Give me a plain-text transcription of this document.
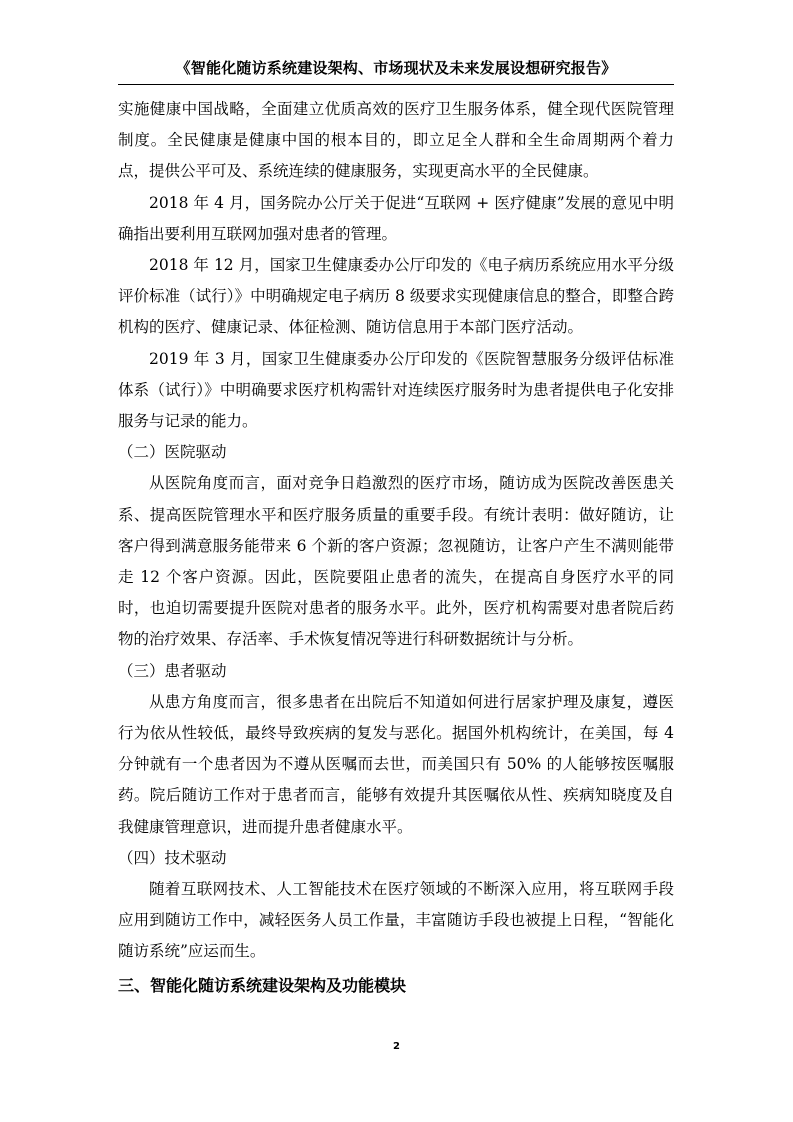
《智能化随访系统建设架构、市场现状及未来发展设想研究报告》

实施健康中国战略，全面建立优质高效的医疗卫生服务体系，健全现代医院管理制度。全民健康是健康中国的根本目的，即立足全人群和全生命周期两个着力点，提供公平可及、系统连续的健康服务，实现更高水平的全民健康。

2018 年 4 月，国务院办公厅关于促进“互联网 + 医疗健康”发展的意见中明确指出要利用互联网加强对患者的管理。

2018 年 12 月，国家卫生健康委办公厅印发的《电子病历系统应用水平分级评价标准（试行）》中明确规定电子病历 8 级要求实现健康信息的整合，即整合跨机构的医疗、健康记录、体征检测、随访信息用于本部门医疗活动。

2019 年 3 月，国家卫生健康委办公厅印发的《医院智慧服务分级评估标准体系（试行）》中明确要求医疗机构需针对连续医疗服务时为患者提供电子化安排服务与记录的能力。

（二）医院驱动

从医院角度而言，面对竞争日趋激烈的医疗市场，随访成为医院改善医患关系、提高医院管理水平和医疗服务质量的重要手段。有统计表明：做好随访，让客户得到满意服务能带来 6 个新的客户资源；忽视随访，让客户产生不满则能带走 12 个客户资源。因此，医院要阻止患者的流失，在提高自身医疗水平的同时，也迫切需要提升医院对患者的服务水平。此外，医疗机构需要对患者院后药物的治疗效果、存活率、手术恢复情况等进行科研数据统计与分析。

（三）患者驱动

从患方角度而言，很多患者在出院后不知道如何进行居家护理及康复，遵医行为依从性较低，最终导致疾病的复发与恶化。据国外机构统计，在美国，每 4 分钟就有一个患者因为不遵从医嘱而去世，而美国只有 50% 的人能够按医嘱服药。院后随访工作对于患者而言，能够有效提升其医嘱依从性、疾病知晓度及自我健康管理意识，进而提升患者健康水平。

（四）技术驱动

随着互联网技术、人工智能技术在医疗领域的不断深入应用，将互联网手段应用到随访工作中，减轻医务人员工作量，丰富随访手段也被提上日程，“智能化随访系统”应运而生。

三、智能化随访系统建设架构及功能模块

2
